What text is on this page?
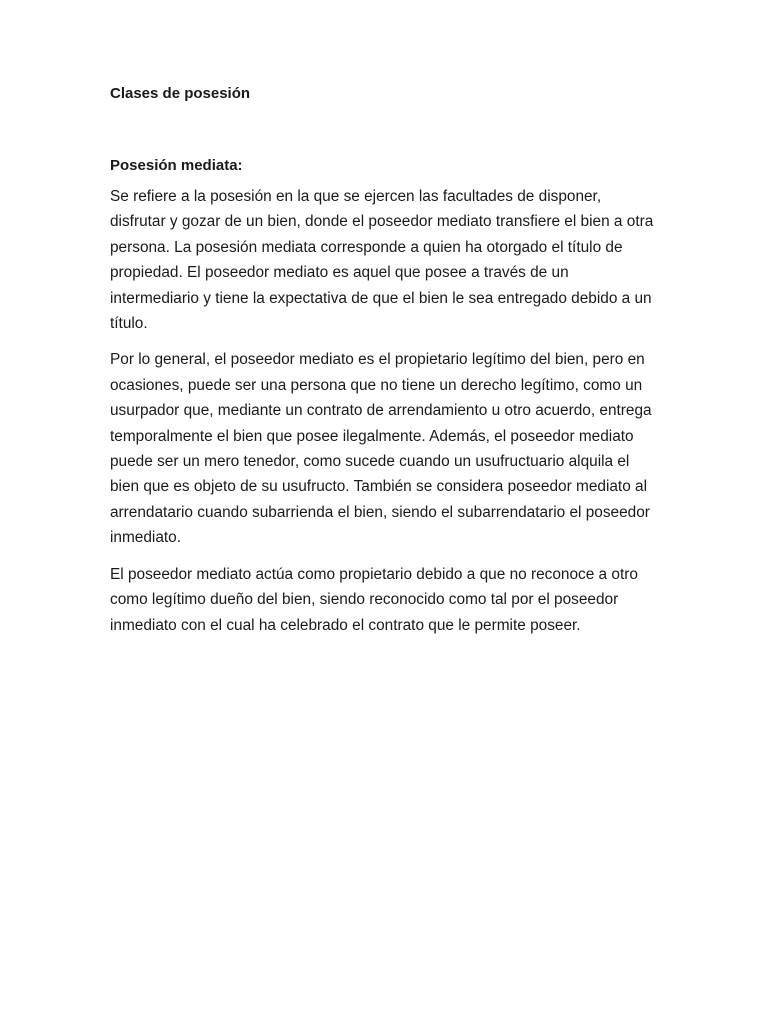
Clases de posesión

Posesión mediata:

Se refiere a la posesión en la que se ejercen las facultades de disponer, disfrutar y gozar de un bien, donde el poseedor mediato transfiere el bien a otra persona. La posesión mediata corresponde a quien ha otorgado el título de propiedad. El poseedor mediato es aquel que posee a través de un intermediario y tiene la expectativa de que el bien le sea entregado debido a un título.

Por lo general, el poseedor mediato es el propietario legítimo del bien, pero en ocasiones, puede ser una persona que no tiene un derecho legítimo, como un usurpador que, mediante un contrato de arrendamiento u otro acuerdo, entrega temporalmente el bien que posee ilegalmente. Además, el poseedor mediato puede ser un mero tenedor, como sucede cuando un usufructuario alquila el bien que es objeto de su usufructo. También se considera poseedor mediato al arrendatario cuando subarrienda el bien, siendo el subarrendatario el poseedor inmediato.

El poseedor mediato actúa como propietario debido a que no reconoce a otro como legítimo dueño del bien, siendo reconocido como tal por el poseedor inmediato con el cual ha celebrado el contrato que le permite poseer.
